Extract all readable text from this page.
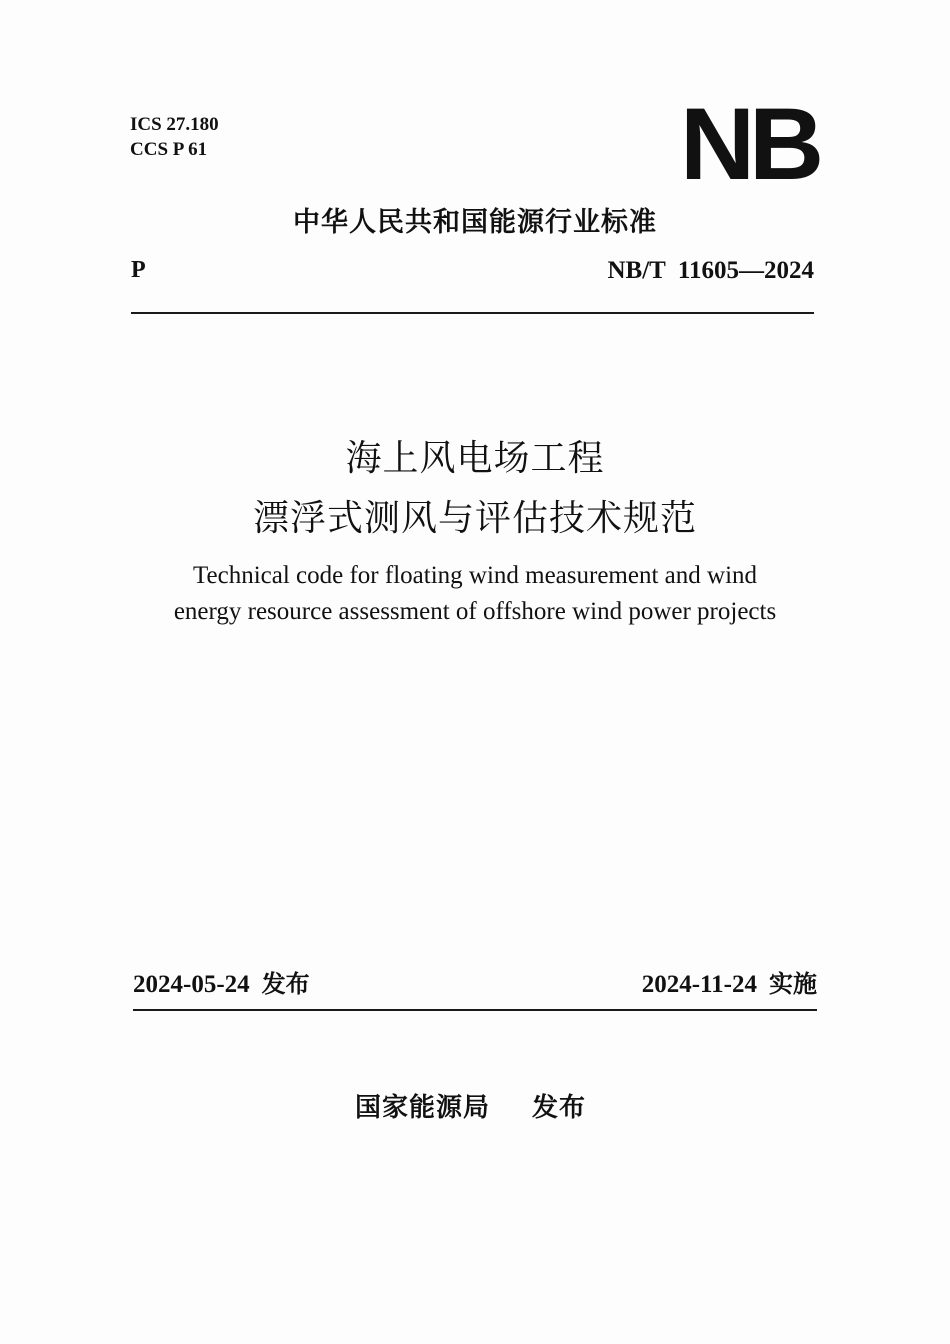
ICS 27.180
CCS P 61	NB
中华人民共和国能源行业标准
P	NB/T  11605—2024
海上风电场工程
漂浮式测风与评估技术规范
Technical code for floating wind measurement and wind
energy resource assessment of offshore wind power projects
2024-05-24 发布	2024-11-24 实施
国家能源局 发布
